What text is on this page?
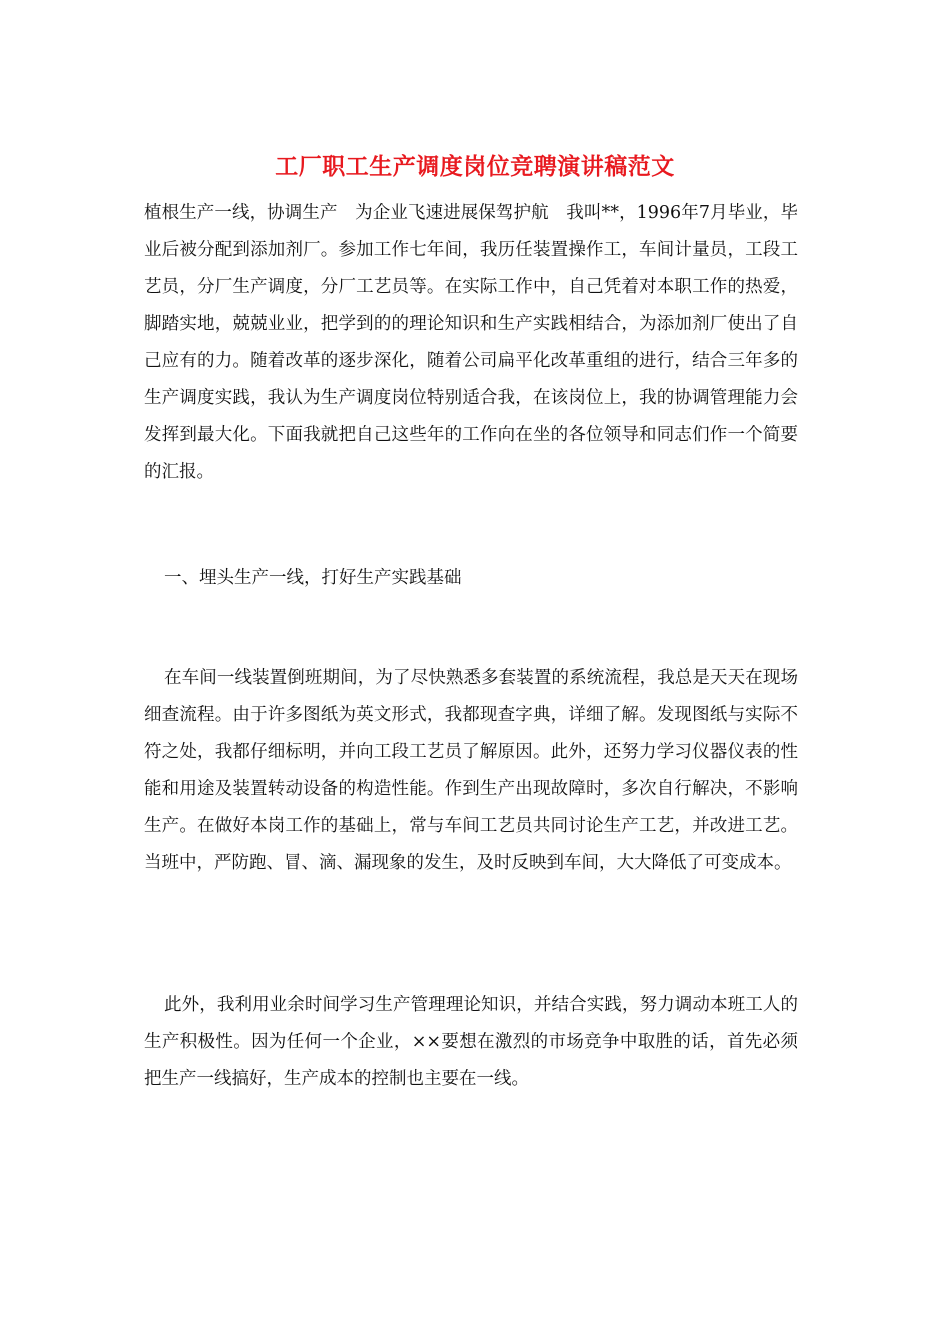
工厂职工生产调度岗位竞聘演讲稿范文
植根生产一线，协调生产　为企业飞速进展保驾护航　我叫**，1996年7月毕业，毕业后被分配到添加剂厂。参加工作七年间，我历任装置操作工，车间计量员，工段工艺员，分厂生产调度，分厂工艺员等。在实际工作中，自己凭着对本职工作的热爱，脚踏实地，兢兢业业，把学到的的理论知识和生产实践相结合，为添加剂厂使出了自己应有的力。随着改革的逐步深化，随着公司扁平化改革重组的进行，结合三年多的生产调度实践，我认为生产调度岗位特别适合我，在该岗位上，我的协调管理能力会发挥到最大化。下面我就把自己这些年的工作向在坐的各位领导和同志们作一个简要的汇报。
一、埋头生产一线，打好生产实践基础
在车间一线装置倒班期间，为了尽快熟悉多套装置的系统流程，我总是天天在现场细查流程。由于许多图纸为英文形式，我都现查字典，详细了解。发现图纸与实际不符之处，我都仔细标明，并向工段工艺员了解原因。此外，还努力学习仪器仪表的性能和用途及装置转动设备的构造性能。作到生产出现故障时，多次自行解决，不影响生产。在做好本岗工作的基础上，常与车间工艺员共同讨论生产工艺，并改进工艺。当班中，严防跑、冒、滴、漏现象的发生，及时反映到车间，大大降低了可变成本。
此外，我利用业余时间学习生产管理理论知识，并结合实践，努力调动本班工人的生产积极性。因为任何一个企业，××要想在激烈的市场竞争中取胜的话，首先必须把生产一线搞好，生产成本的控制也主要在一线。
